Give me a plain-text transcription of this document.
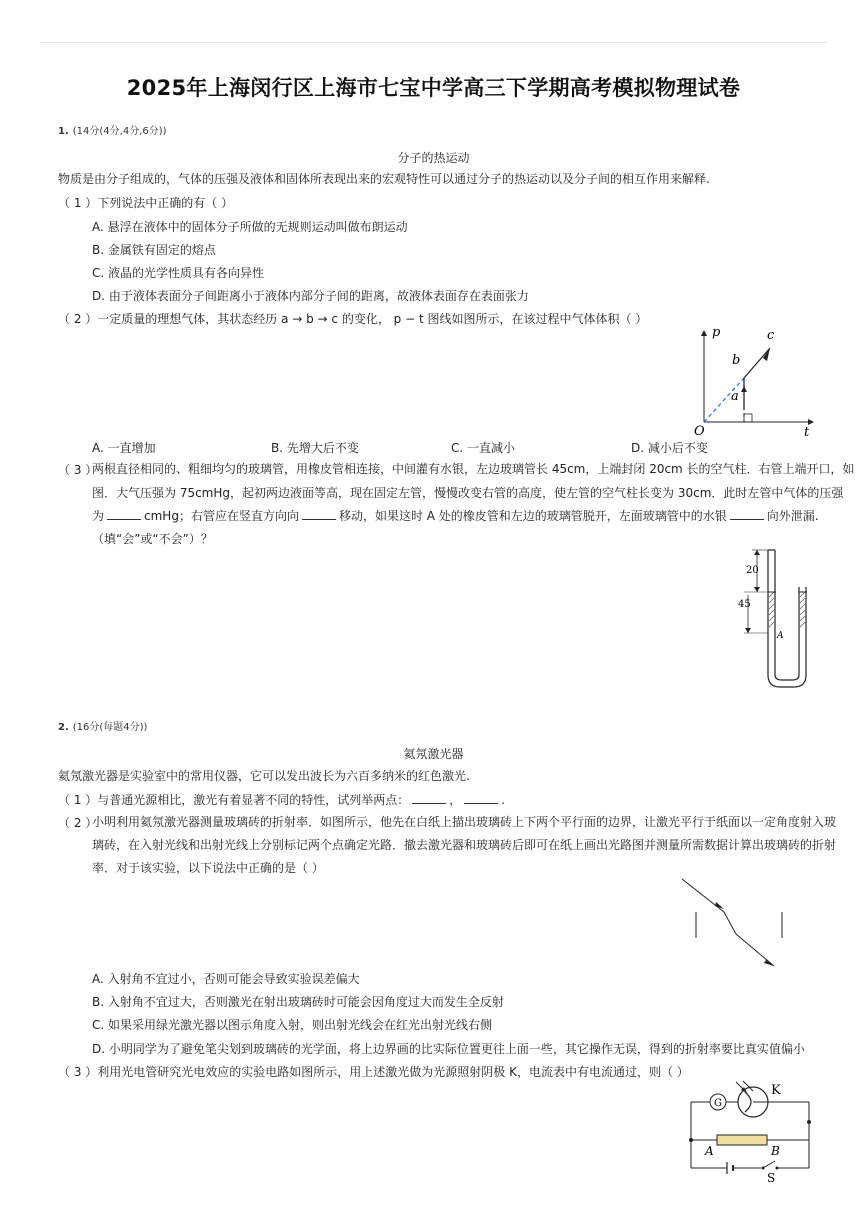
2025年上海闵行区上海市七宝中学高三下学期高考模拟物理试卷
1. (14分(4分,4分,6分))
分子的热运动
物质是由分子组成的，气体的压强及液体和固体所表现出来的宏观特性可以通过分子的热运动以及分子间的相互作用来解释.
（ 1 ）下列说法中正确的有（ ）
A. 悬浮在液体中的固体分子所做的无规则运动叫做布朗运动
B. 金属铁有固定的熔点
C. 液晶的光学性质具有各向异性
D. 由于液体表面分子间距离小于液体内部分子间的距离，故液体表面存在表面张力
（ 2 ）一定质量的理想气体，其状态经历 a → b → c 的变化， p − t 图线如图所示，在该过程中气体体积（ ）
p
t
O
a
b
c
A. 一直增加	B. 先增大后不变	C. 一直减小	D. 减小后不变
（ 3 ）
两根直径相同的、粗细均匀的玻璃管，用橡皮管相连接，中间灌有水银，左边玻璃管长 45cm，上端封闭 20cm 长的空气柱．右管上端开口，如
图．大气压强为 75cmHg，起初两边液面等高，现在固定左管，慢慢改变右管的高度，使左管的空气柱长变为 30cm．此时左管中气体的压强
为	cmHg；右管应在竖直方向向	移动，如果这时 A 处的橡皮管和左边的玻璃管脱开，左面玻璃管中的水银	向外泄漏.
（填“会”或“不会”）？
20
45
A
2. (16分(每题4分))
氦氖激光器
氦氖激光器是实验室中的常用仪器，它可以发出波长为六百多纳米的红色激光.
（ 1 ）与普通光源相比，激光有着显著不同的特性，试列举两点：	，	.
（ 2 ）
小明利用氦氖激光器测量玻璃砖的折射率．如图所示，他先在白纸上描出玻璃砖上下两个平行面的边界，让激光平行于纸面以一定角度射入玻
璃砖，在入射光线和出射光线上分别标记两个点确定光路．撤去激光器和玻璃砖后即可在纸上画出光路图并测量所需数据计算出玻璃砖的折射
率．对于该实验，以下说法中正确的是（ ）
A. 入射角不宜过小，否则可能会导致实验误差偏大
B. 入射角不宜过大，否则激光在射出玻璃砖时可能会因角度过大而发生全反射
C. 如果采用绿光激光器以图示角度入射，则出射光线会在红光出射光线右侧
D. 小明同学为了避免笔尖划到玻璃砖的光学面，将上边界画的比实际位置更往上面一些，其它操作无误，得到的折射率要比真实值偏小
（ 3 ）利用光电管研究光电效应的实验电路如图所示，用上述激光做为光源照射阴极 K，电流表中有电流通过，则（ ）
G
K
A	B
S
